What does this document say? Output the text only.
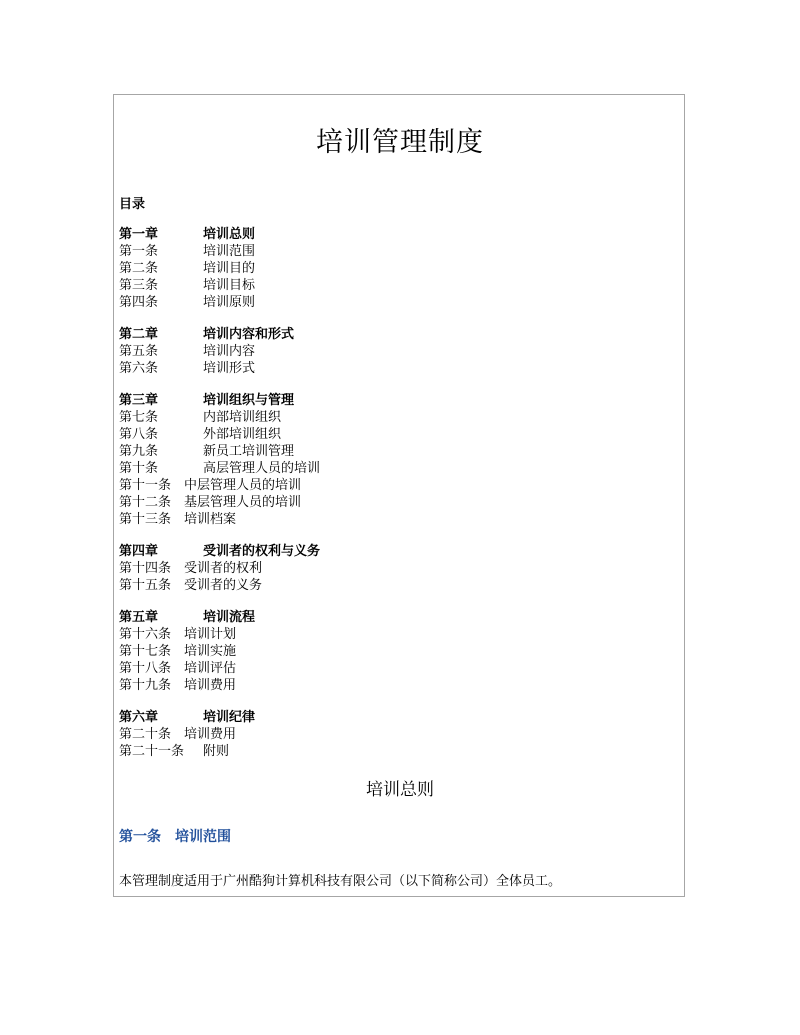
培训管理制度
目录
第一章	培训总则
第一条	培训范围
第二条	培训目的
第三条	培训目标
第四条	培训原则
第二章	培训内容和形式
第五条	培训内容
第六条	培训形式
第三章	培训组织与管理
第七条	内部培训组织
第八条	外部培训组织
第九条	新员工培训管理
第十条	高层管理人员的培训
第十一条 中层管理人员的培训
第十二条 基层管理人员的培训
第十三条 培训档案
第四章	受训者的权利与义务
第十四条 受训者的权利
第十五条 受训者的义务
第五章	培训流程
第十六条 培训计划
第十七条 培训实施
第十八条 培训评估
第十九条 培训费用
第六章	培训纪律
第二十条 培训费用
第二十一条	附则
培训总则
第一条 培训范围
本管理制度适用于广州酷狗计算机科技有限公司（以下简称公司）全体员工。
